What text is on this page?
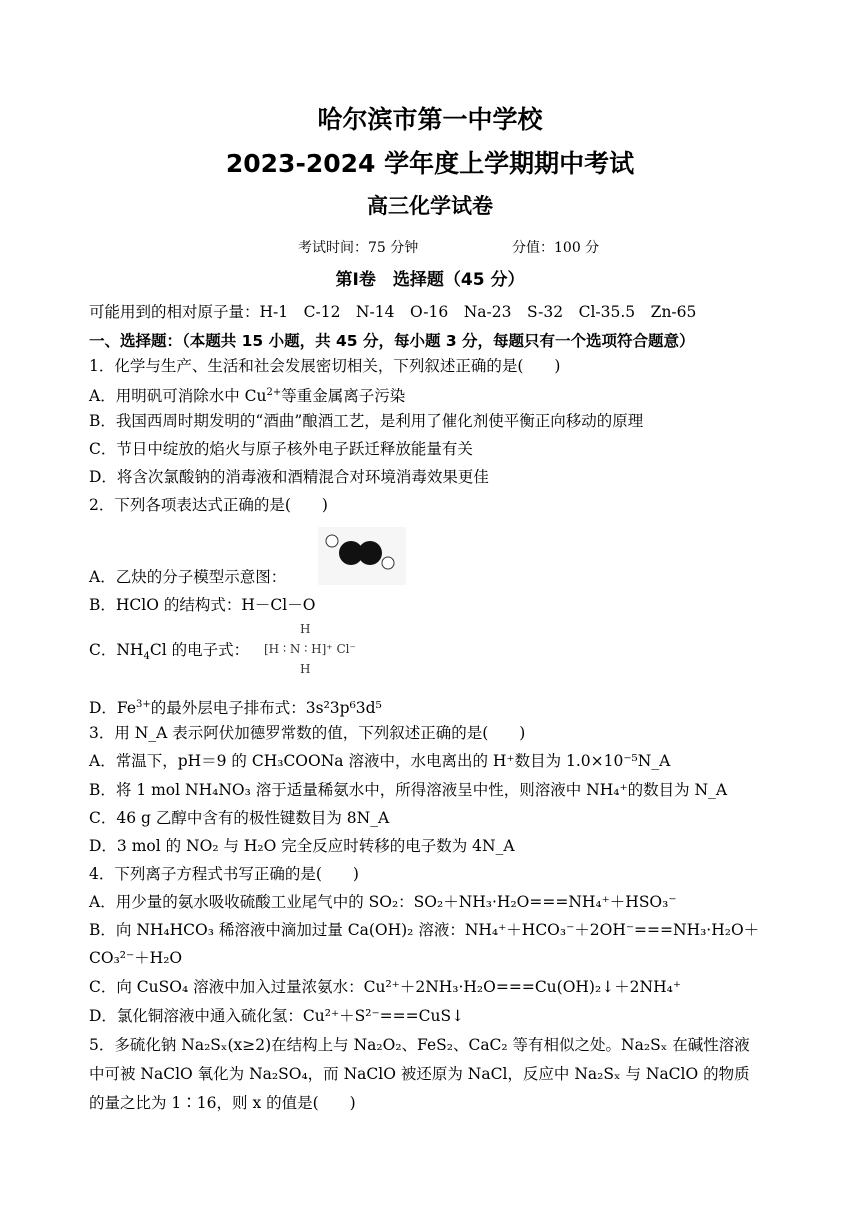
哈尔滨市第一中学校
2023-2024 学年度上学期期中考试
高三化学试卷
考试时间：75 分钟	分值：100 分
第Ⅰ卷　选择题（45 分）
可能用到的相对原子量：H-1　C-12　N-14　O-16　Na-23　S-32　Cl-35.5　Zn-65
一、选择题：（本题共 15 小题，共 45 分，每小题 3 分，每题只有一个选项符合题意）
1．化学与生产、生活和社会发展密切相关，下列叙述正确的是(　　)
A．用明矾可消除水中 $Cu^{2+}$等重金属离子污染
B．我国西周时期发明的“酒曲”酿酒工艺，是利用了催化剂使平衡正向移动的原理
C．节日中绽放的焰火与原子核外电子跃迁释放能量有关
D．将含次氯酸钠的消毒液和酒精混合对环境消毒效果更佳
2．下列各项表达式正确的是(　　)
A．乙炔的分子模型示意图：
B．HClO 的结构式：H－Cl－O
C．$NH_4Cl$ 的电子式：
H
[H ∶ N ∶ H]⁺ Cl⁻
H
D．$Fe^{3+}$的最外层电子排布式：3s²3p⁶3d⁵
3．用 N_A 表示阿伏加德罗常数的值，下列叙述正确的是(　　)
A．常温下，pH＝9 的 CH₃COONa 溶液中，水电离出的 H⁺数目为 1.0×10⁻⁵N_A
B．将 1 mol NH₄NO₃ 溶于适量稀氨水中，所得溶液呈中性，则溶液中 NH₄⁺的数目为 N_A
C．46 g 乙醇中含有的极性键数目为 8N_A
D．3 mol 的 NO₂ 与 H₂O 完全反应时转移的电子数为 4N_A
4．下列离子方程式书写正确的是(　　)
A．用少量的氨水吸收硫酸工业尾气中的 SO₂：SO₂＋NH₃·H₂O===NH₄⁺＋HSO₃⁻
B．向 NH₄HCO₃ 稀溶液中滴加过量 Ca(OH)₂ 溶液：NH₄⁺＋HCO₃⁻＋2OH⁻===NH₃·H₂O＋
CO₃²⁻＋H₂O
C．向 CuSO₄ 溶液中加入过量浓氨水：Cu²⁺＋2NH₃·H₂O===Cu(OH)₂↓＋2NH₄⁺
D．氯化铜溶液中通入硫化氢：Cu²⁺＋S²⁻===CuS↓
5．多硫化钠 Na₂Sₓ(x≥2)在结构上与 Na₂O₂、FeS₂、CaC₂ 等有相似之处。Na₂Sₓ 在碱性溶液
中可被 NaClO 氧化为 Na₂SO₄，而 NaClO 被还原为 NaCl，反应中 Na₂Sₓ 与 NaClO 的物质
的量之比为 1∶16，则 x 的值是(　　)
